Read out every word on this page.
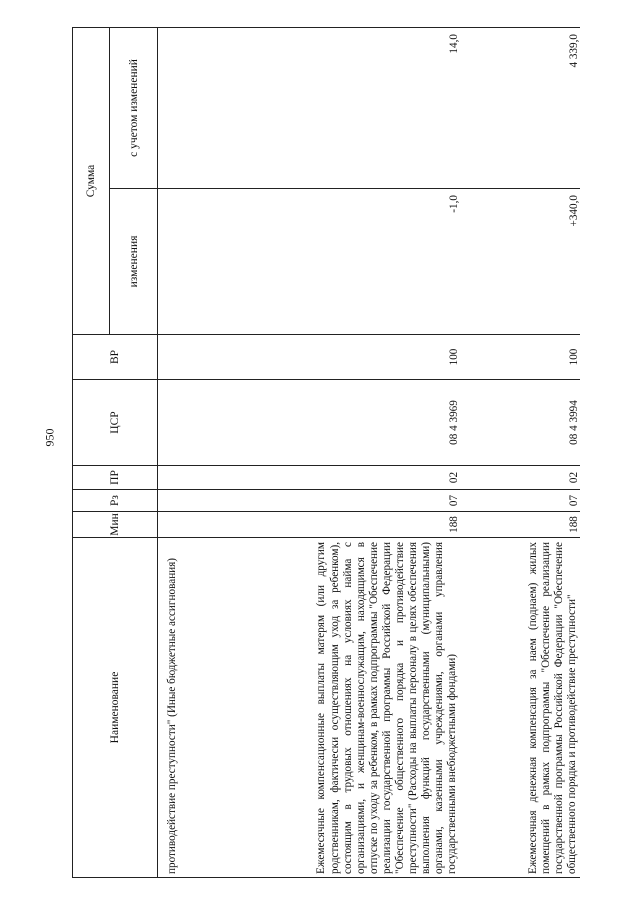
950
Наименование	Мин	Рз	ПР	ЦСР	ВР	Сумма	
						изменения	с учетом изменений
противодействие преступности" (Иные бюджетные ассигнования)							
Ежемесячные компенсационные выплаты матерям (или другим родственникам, фактически осуществляющим уход за ребенком), состоящим в трудовых отношениях на условиях найма с организациями, и женщинам-военнослужащим, находящимся в отпуске по уходу за ребенком, в рамках подпрограммы "Обеспечение реализации государственной программы Российской Федерации "Обеспечение общественного порядка и противодействие преступности" (Расходы на выплаты персоналу в целях обеспечения выполнения функций государственными (муниципальными) органами, казенными учреждениями, органами управления государственными внебюджетными фондами)	188	07	02	08 4 3969	100	-1,0	14,0
Ежемесячная денежная компенсация за наем (поднаем) жилых помещений в рамках подпрограммы "Обеспечение реализации государственной программы Российской Федерации "Обеспечение общественного порядка и противодействие преступности"	188	07	02	08 4 3994	100	+340,0	4 339,0
